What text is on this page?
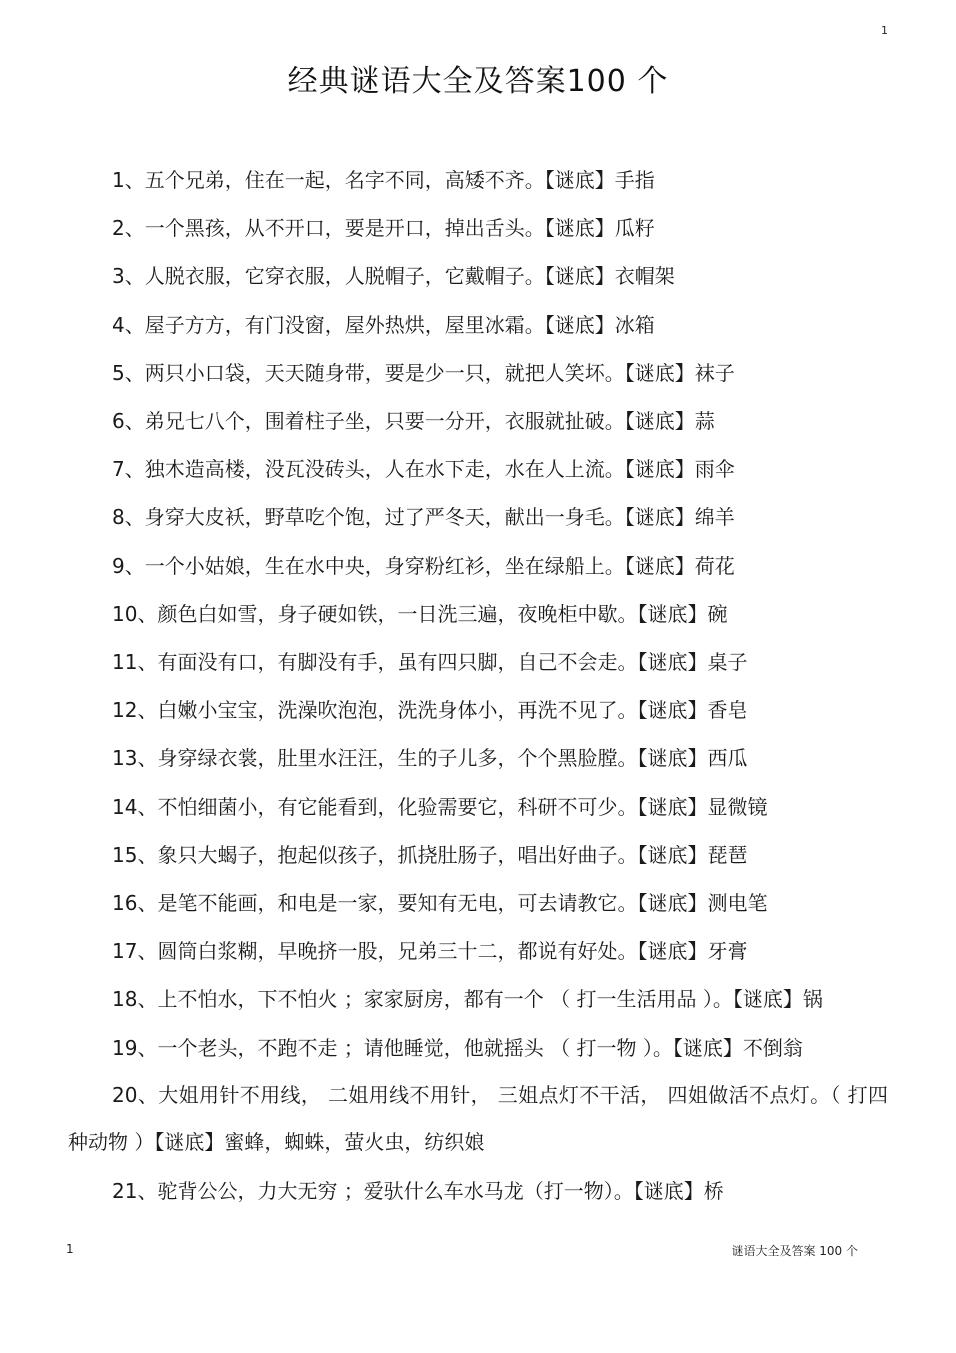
1
经典谜语大全及答案100 个
1、五个兄弟，住在一起，名字不同，高矮不齐。【谜底】手指
2、一个黑孩，从不开口，要是开口，掉出舌头。【谜底】瓜籽
3、人脱衣服，它穿衣服，人脱帽子，它戴帽子。【谜底】衣帽架
4、屋子方方，有门没窗，屋外热烘，屋里冰霜。【谜底】冰箱
5、两只小口袋，天天随身带，要是少一只，就把人笑坏。【谜底】袜子
6、弟兄七八个，围着柱子坐，只要一分开，衣服就扯破。【谜底】蒜
7、独木造高楼，没瓦没砖头，人在水下走，水在人上流。【谜底】雨伞
8、身穿大皮袄，野草吃个饱，过了严冬天，献出一身毛。【谜底】绵羊
9、一个小姑娘，生在水中央，身穿粉红衫，坐在绿船上。【谜底】荷花
10、颜色白如雪，身子硬如铁，一日洗三遍，夜晚柜中歇。【谜底】碗
11、有面没有口，有脚没有手，虽有四只脚，自己不会走。【谜底】桌子
12、白嫩小宝宝，洗澡吹泡泡，洗洗身体小，再洗不见了。【谜底】香皂
13、身穿绿衣裳，肚里水汪汪，生的子儿多，个个黑脸膛。【谜底】西瓜
14、不怕细菌小，有它能看到，化验需要它，科研不可少。【谜底】显微镜
15、象只大蝎子，抱起似孩子，抓挠肚肠子，唱出好曲子。【谜底】琵琶
16、是笔不能画，和电是一家，要知有无电，可去请教它。【谜底】测电笔
17、圆筒白浆糊，早晚挤一股，兄弟三十二，都说有好处。【谜底】牙膏
18、上不怕水，下不怕火 ；家家厨房，都有一个 （ 打一生活用品 ）。【谜底】锅
19、一个老头，不跑不走 ；请他睡觉，他就摇头 （ 打一物 ）。【谜底】不倒翁
20、大姐用针不用线， 二姐用线不用针， 三姐点灯不干活， 四姐做活不点灯。（ 打四种动物 ）【谜底】蜜蜂，蜘蛛，萤火虫，纺织娘
21、驼背公公，力大无穷 ；爱驮什么车水马龙（打一物）。【谜底】桥
1	谜语大全及答案 100 个
